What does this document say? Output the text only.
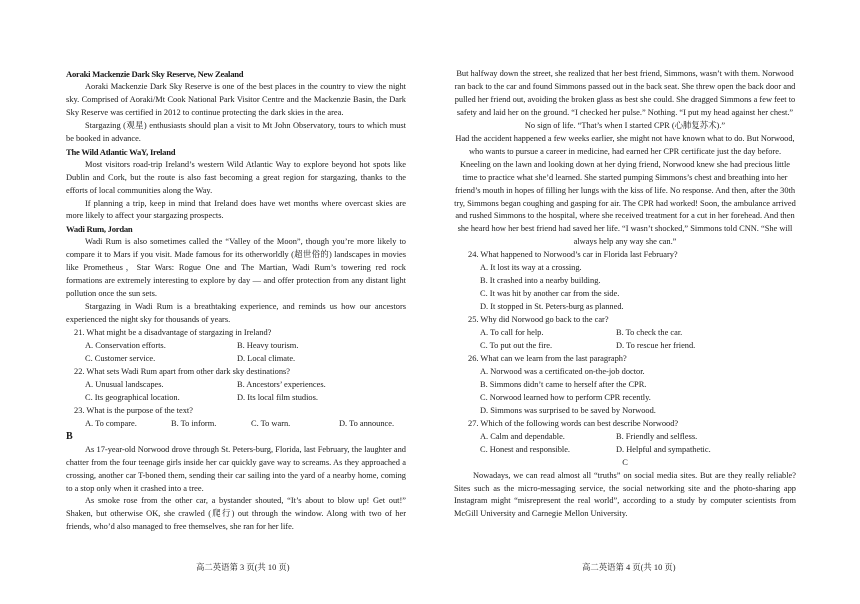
Aoraki Mackenzie Dark Sky Reserve, New Zealand

Aoraki Mackenzie Dark Sky Reserve is one of the best places in the country to view the night sky. Comprised of Aoraki/Mt Cook National Park Visitor Centre and the Mackenzie Basin, the Dark Sky Reserve was certified in 2012 to continue protecting the dark skies in the area.

Stargazing (观星) enthusiasts should plan a visit to Mt John Observatory, tours to which must be booked in advance.

The Wild Atlantic WaY, Ireland

Most visitors road-trip Ireland’s western Wild Atlantic Way to explore beyond hot spots like Dublin and Cork, but the route is also fast becoming a great region for stargazing, thanks to the efforts of local communities along the Way.

If planning a trip, keep in mind that Ireland does have wet months where overcast skies are more likely to affect your stargazing prospects.

Wadi Rum, Jordan

Wadi Rum is also sometimes called the “Valley of the Moon”, though you’re more likely to compare it to Mars if you visit. Made famous for its otherworldly (超世俗的) landscapes in movies like Prometheus，Star Wars: Rogue One and The Martian, Wadi Rum’s towering red rock formations are extremely interesting to explore by day — and offer protection from any distant light pollution once the sun sets.

Stargazing in Wadi Rum is a breathtaking experience, and reminds us how our ancestors experienced the night sky for thousands of years.

21. What might be a disadvantage of stargazing in Ireland?

A. Conservation efforts.	B. Heavy tourism.
C. Customer service.	D. Local climate.

22. What sets Wadi Rum apart from other dark sky destinations?

A. Unusual landscapes.	B. Ancestors’ experiences.
C. Its geographical location.	D. Its local film studios.

23. What is the purpose of the text?

A. To compare.	B. To inform.	C. To warn.	D. To announce.

B

As 17-year-old Norwood drove through St. Peters-burg, Florida, last February, the laughter and chatter from the four teenage girls inside her car quickly gave way to screams. As they approached a crossing, another car T-boned them, sending their car sailing into the yard of a nearby home, coming to a stop only when it crashed into a tree.

As smoke rose from the other car, a bystander shouted, “It’s about to blow up! Get out!” Shaken, but otherwise OK, she crawled (爬行) out through the window. Along with two of her friends, who’d also managed to free themselves, she ran for her life.

But halfway down the street, she realized that her best friend, Simmons, wasn’t with them. Norwood ran back to the car and found Simmons passed out in the back seat. She threw open the back door and pulled her friend out, avoiding the broken glass as best she could. She dragged Simmons a few feet to safety and laid her on the ground. “I checked her pulse.” Nothing. “I put my head against her chest.” No sign of life. “That’s when I started CPR (心肺复苏术).”

Had the accident happened a few weeks earlier, she might not have known what to do. But Norwood, who wants to pursue a career in medicine, had earned her CPR certificate just the day before. Kneeling on the lawn and looking down at her dying friend, Norwood knew she had precious little time to practice what she’d learned. She started pumping Simmons’s chest and breathing into her friend’s mouth in hopes of filling her lungs with the kiss of life. No response. And then, after the 30th try, Simmons began coughing and gasping for air. The CPR had worked! Soon, the ambulance arrived and rushed Simmons to the hospital, where she received treatment for a cut in her forehead. And then she heard how her best friend had saved her life. “I wasn’t shocked,” Simmons told CNN. “She will always help any way she can.”

24. What happened to Norwood’s car in Florida last February?

A. It lost its way at a crossing.

B. It crashed into a nearby building.

C. It was hit by another car from the side.

D. It stopped in St. Peters-burg as planned.

25. Why did Norwood go back to the car?

A. To call for help.	B. To check the car.
C. To put out the fire.	D. To rescue her friend.

26. What can we learn from the last paragraph?

A. Norwood was a certificated on-the-job doctor.

B. Simmons didn’t came to herself after the CPR.

C. Norwood learned how to perform CPR recently.

D. Simmons was surprised to be saved by Norwood.

27. Which of the following words can best describe Norwood?

A. Calm and dependable.	B. Friendly and selfless.
C. Honest and responsible.	D. Helpful and sympathetic.

C

Nowadays, we can read almost all “truths” on social media sites. But are they really reliable? Sites such as the micro-messaging service, the social networking site and the photo-sharing app Instagram might “misrepresent the real world”, according to a study by computer scientists from McGill University and Carnegie Mellon University.

高二英语第 3 页(共 10 页)	高二英语第 4 页(共 10 页)
